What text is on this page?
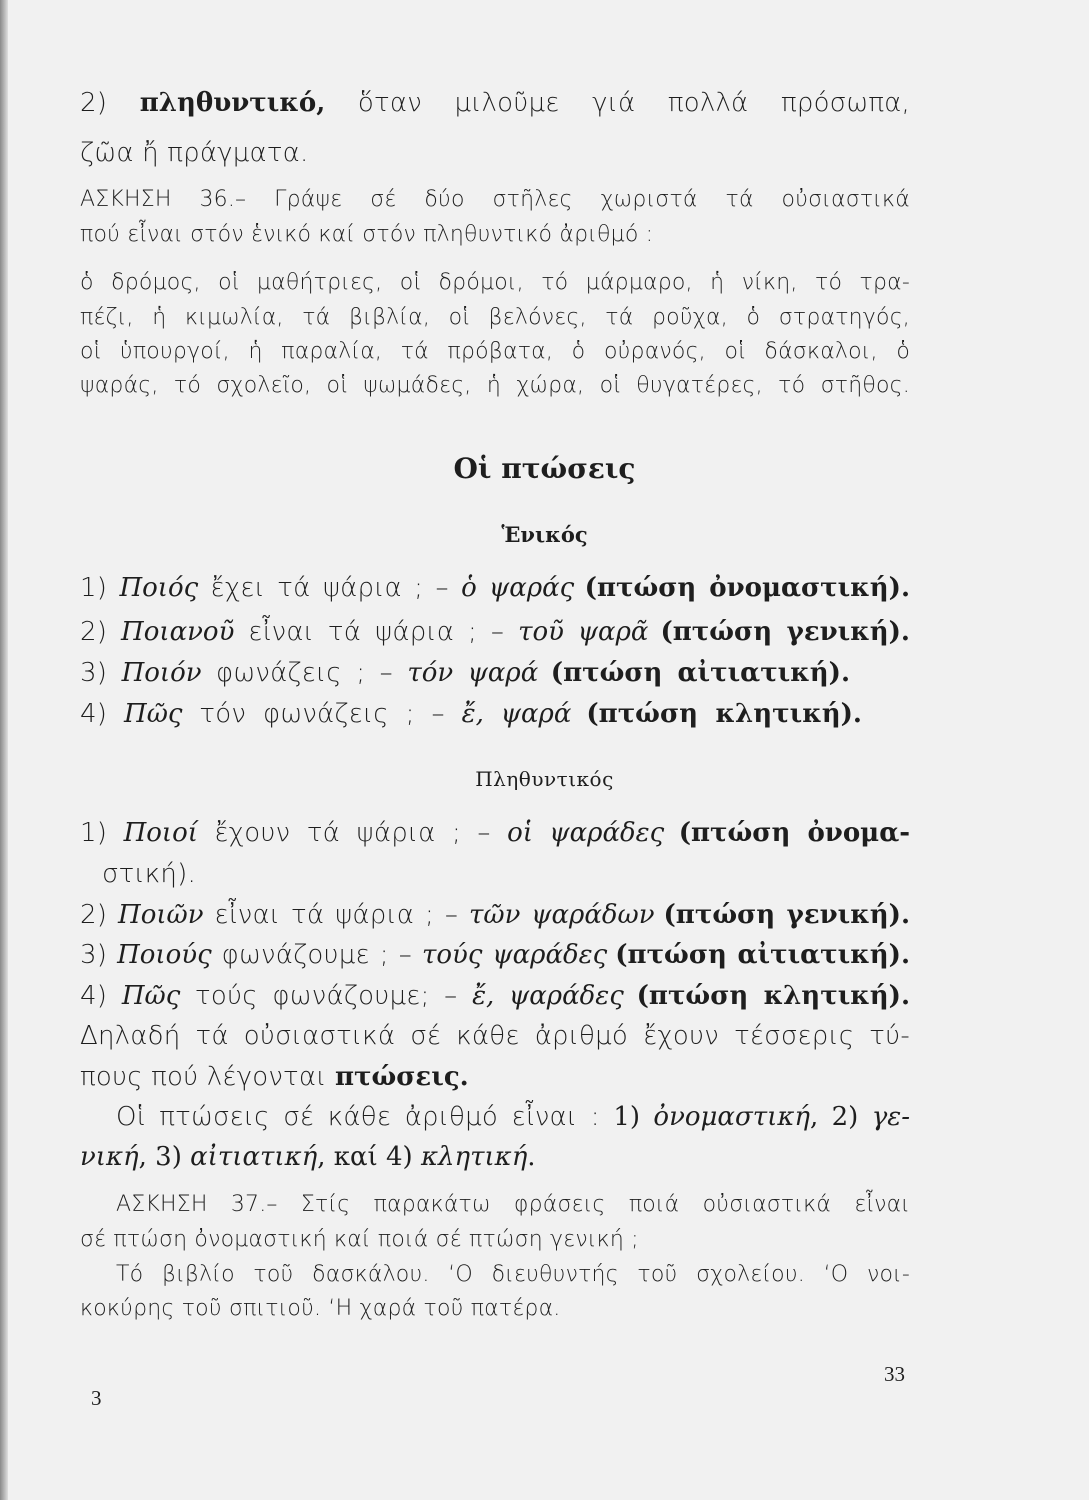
2) πληθυντικό, ὅταν μιλοῦμε γιά πολλά πρόσωπα,
ζῶα ἤ πράγματα.
ΑΣΚΗΣΗ 36.– Γράψε σέ δύο στῆλες χωριστά τά οὐσιαστικά
πού εἶναι στόν ἑνικό καί στόν πληθυντικό ἀριθμό :
ὁ δρόμος, οἱ μαθήτριες, οἱ δρόμοι, τό μάρμαρο, ἡ νίκη, τό τρα-
πέζι, ἡ κιμωλία, τά βιβλία, οἱ βελόνες, τά ροῦχα, ὁ στρατηγός,
οἱ ὑπουργοί, ἡ παραλία, τά πρόβατα, ὁ οὐρανός, οἱ δάσκαλοι, ὁ
ψαράς, τό σχολεῖο, οἱ ψωμάδες, ἡ χώρα, οἱ θυγατέρες, τό στῆθος.
Οἱ πτώσεις
Ἑνικός
1) Ποιός ἔχει τά ψάρια ; – ὁ ψαράς (πτώση ὀνομαστική).
2) Ποιανοῦ εἶναι τά ψάρια ; – τοῦ ψαρᾶ (πτώση γενική).
3) Ποιόν φωνάζεις ; – τόν ψαρά (πτώση αἰτιατική).
4) Πῶς τόν φωνάζεις ; – ἔ, ψαρά (πτώση κλητική).
Πληθυντικός
1) Ποιοί ἔχουν τά ψάρια ; – οἱ ψαράδες (πτώση ὀνομα-
στική).
2) Ποιῶν εἶναι τά ψάρια ; – τῶν ψαράδων (πτώση γενική).
3) Ποιούς φωνάζουμε ; – τούς ψαράδες (πτώση αἰτιατική).
4) Πῶς τούς φωνάζουμε; – ἔ, ψαράδες (πτώση κλητική).
Δηλαδή τά οὐσιαστικά σέ κάθε ἀριθμό ἔχουν τέσσερις τύ-
πους πού λέγονται πτώσεις.
Οἱ πτώσεις σέ κάθε ἀριθμό εἶναι : 1) ὀνομαστική, 2) γε-
νική, 3) αἰτιατική, καί 4) κλητική.
ΑΣΚΗΣΗ 37.– Στίς παρακάτω φράσεις ποιά οὐσιαστικά εἶναι
σέ πτώση ὀνομαστική καί ποιά σέ πτώση γενική ;
Τό βιβλίο τοῦ δασκάλου. ‘Ο διευθυντής τοῦ σχολείου. ‘Ο νοι-
κοκύρης τοῦ σπιτιοῦ. ‘Η χαρά τοῦ πατέρα.
3
33
